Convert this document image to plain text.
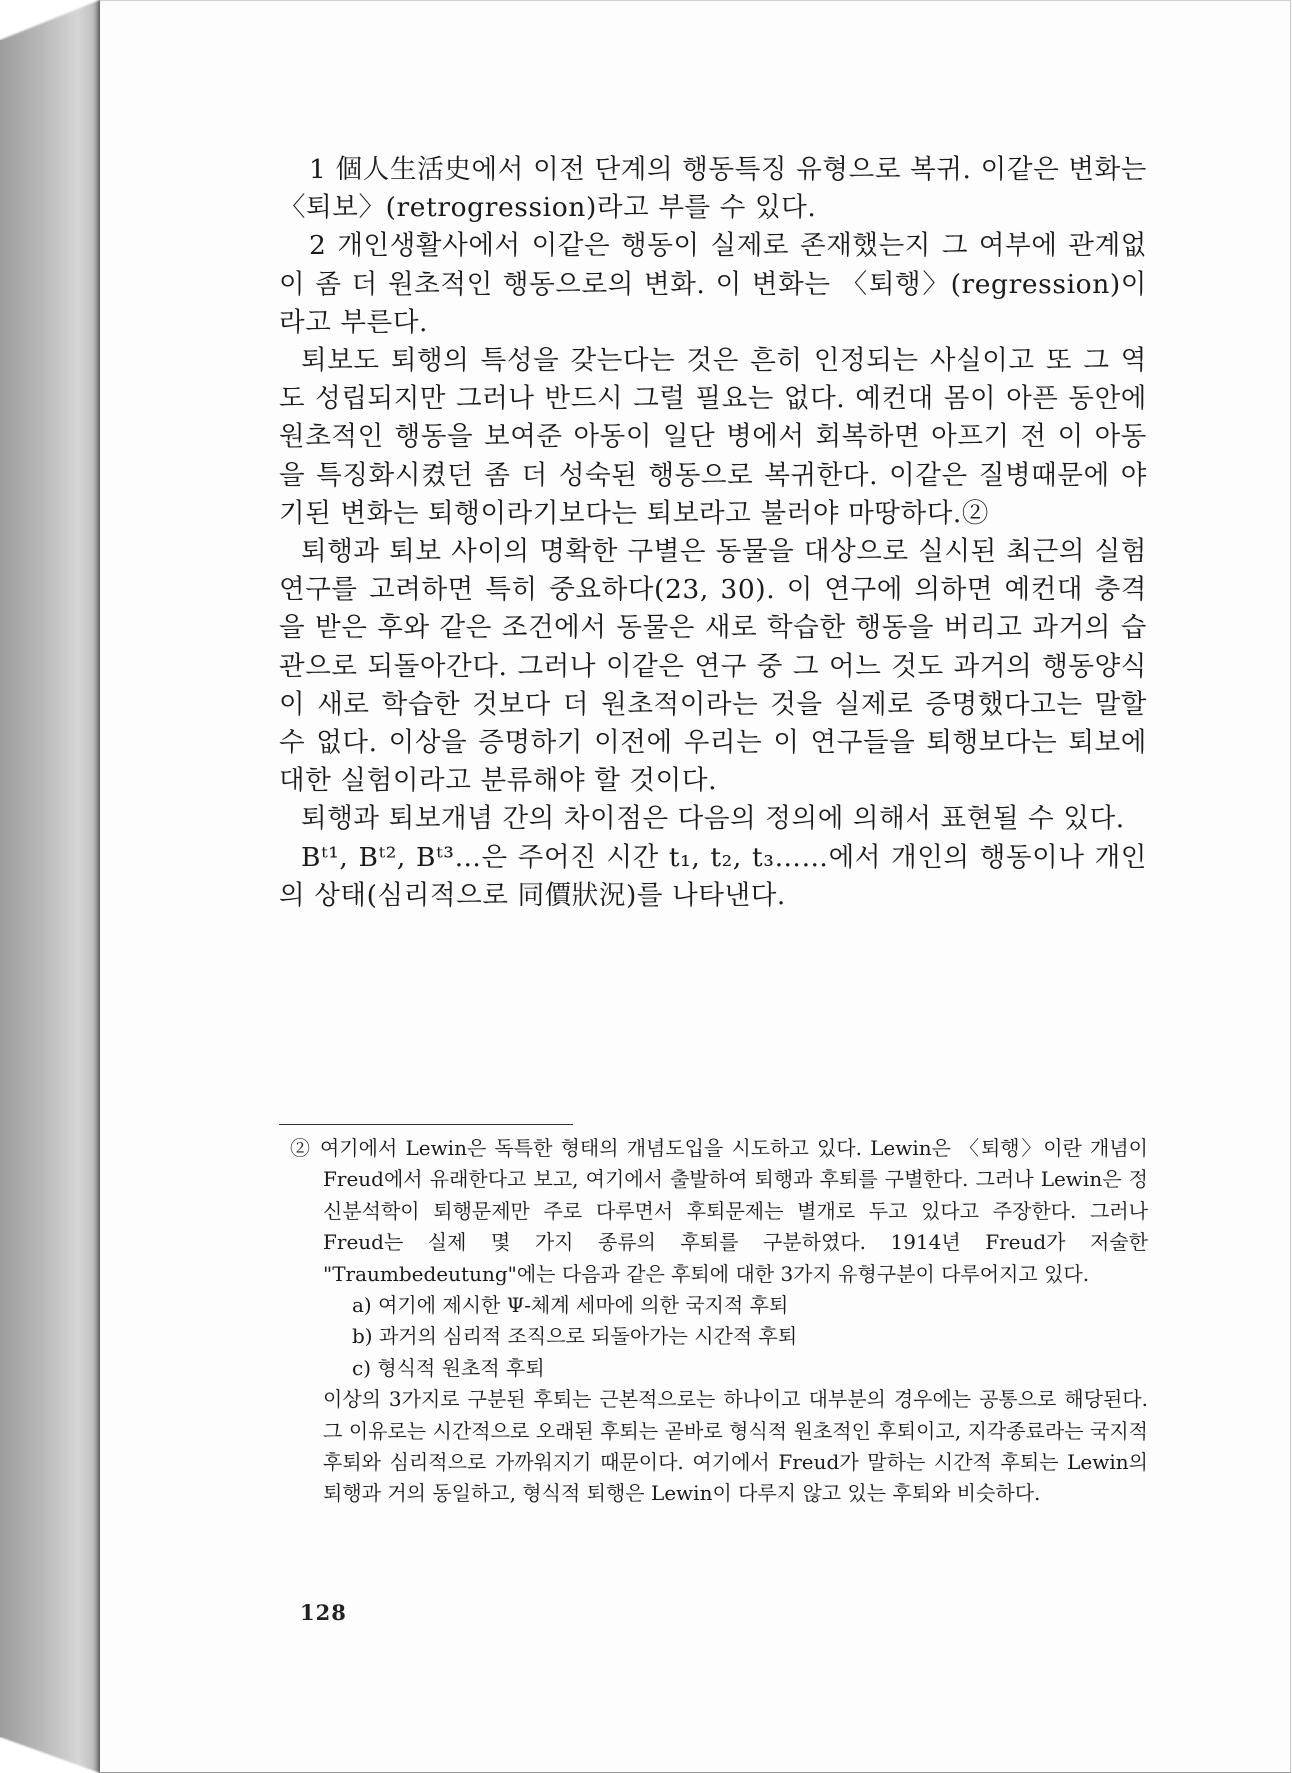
1 個人生活史에서 이전 단계의 행동특징 유형으로 복귀. 이같은 변화는 〈퇴보〉(retrogression)라고 부를 수 있다.

2 개인생활사에서 이같은 행동이 실제로 존재했는지 그 여부에 관계없이 좀 더 원초적인 행동으로의 변화. 이 변화는 〈퇴행〉(regression)이라고 부른다.

퇴보도 퇴행의 특성을 갖는다는 것은 흔히 인정되는 사실이고 또 그 역도 성립되지만 그러나 반드시 그럴 필요는 없다. 예컨대 몸이 아픈 동안에 원초적인 행동을 보여준 아동이 일단 병에서 회복하면 아프기 전 이 아동을 특징화시켰던 좀 더 성숙된 행동으로 복귀한다. 이같은 질병때문에 야기된 변화는 퇴행이라기보다는 퇴보라고 불러야 마땅하다.②

퇴행과 퇴보 사이의 명확한 구별은 동물을 대상으로 실시된 최근의 실험연구를 고려하면 특히 중요하다(23, 30). 이 연구에 의하면 예컨대 충격을 받은 후와 같은 조건에서 동물은 새로 학습한 행동을 버리고 과거의 습관으로 되돌아간다. 그러나 이같은 연구 중 그 어느 것도 과거의 행동양식이 새로 학습한 것보다 더 원초적이라는 것을 실제로 증명했다고는 말할 수 없다. 이상을 증명하기 이전에 우리는 이 연구들을 퇴행보다는 퇴보에 대한 실험이라고 분류해야 할 것이다.

퇴행과 퇴보개념 간의 차이점은 다음의 정의에 의해서 표현될 수 있다.

Bᵗ¹, Bᵗ², Bᵗ³…은 주어진 시간 t₁, t₂, t₃……에서 개인의 행동이나 개인의 상태(심리적으로 同價狀況)를 나타낸다.

② 여기에서 Lewin은 독특한 형태의 개념도입을 시도하고 있다. Lewin은 〈퇴행〉이란 개념이 Freud에서 유래한다고 보고, 여기에서 출발하여 퇴행과 후퇴를 구별한다. 그러나 Lewin은 정신분석학이 퇴행문제만 주로 다루면서 후퇴문제는 별개로 두고 있다고 주장한다. 그러나 Freud는 실제 몇 가지 종류의 후퇴를 구분하였다. 1914년 Freud가 저술한 "Traumbedeutung"에는 다음과 같은 후퇴에 대한 3가지 유형구분이 다루어지고 있다.

a) 여기에 제시한 Ψ-체계 세마에 의한 국지적 후퇴
b) 과거의 심리적 조직으로 되돌아가는 시간적 후퇴
c) 형식적 원초적 후퇴

이상의 3가지로 구분된 후퇴는 근본적으로는 하나이고 대부분의 경우에는 공통으로 해당된다. 그 이유로는 시간적으로 오래된 후퇴는 곧바로 형식적 원초적인 후퇴이고, 지각종료라는 국지적 후퇴와 심리적으로 가까워지기 때문이다. 여기에서 Freud가 말하는 시간적 후퇴는 Lewin의 퇴행과 거의 동일하고, 형식적 퇴행은 Lewin이 다루지 않고 있는 후퇴와 비슷하다.

128
